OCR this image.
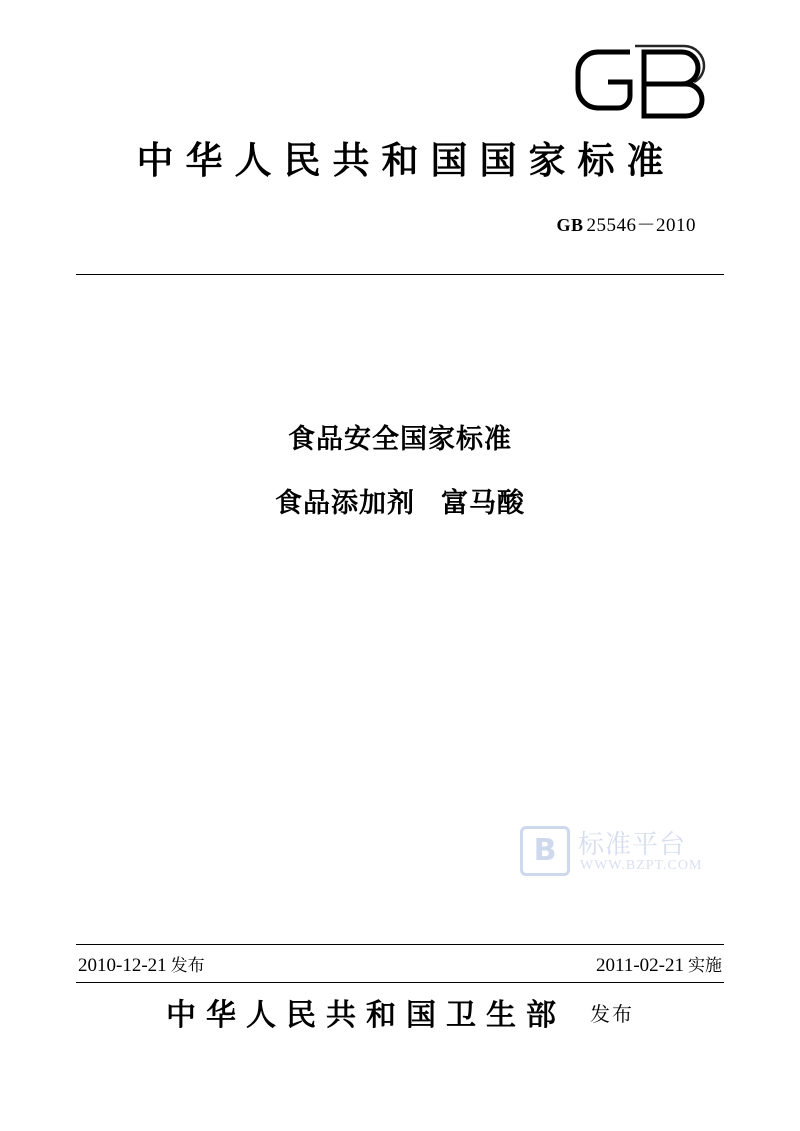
中华人民共和国国家标准
GB 25546－2010
食品安全国家标准
食品添加剂 富马酸
B 标准平台
WWW.BZPT.COM
2010-12-21 发布	2011-02-21 实施
中华人民共和国卫生部 发布
